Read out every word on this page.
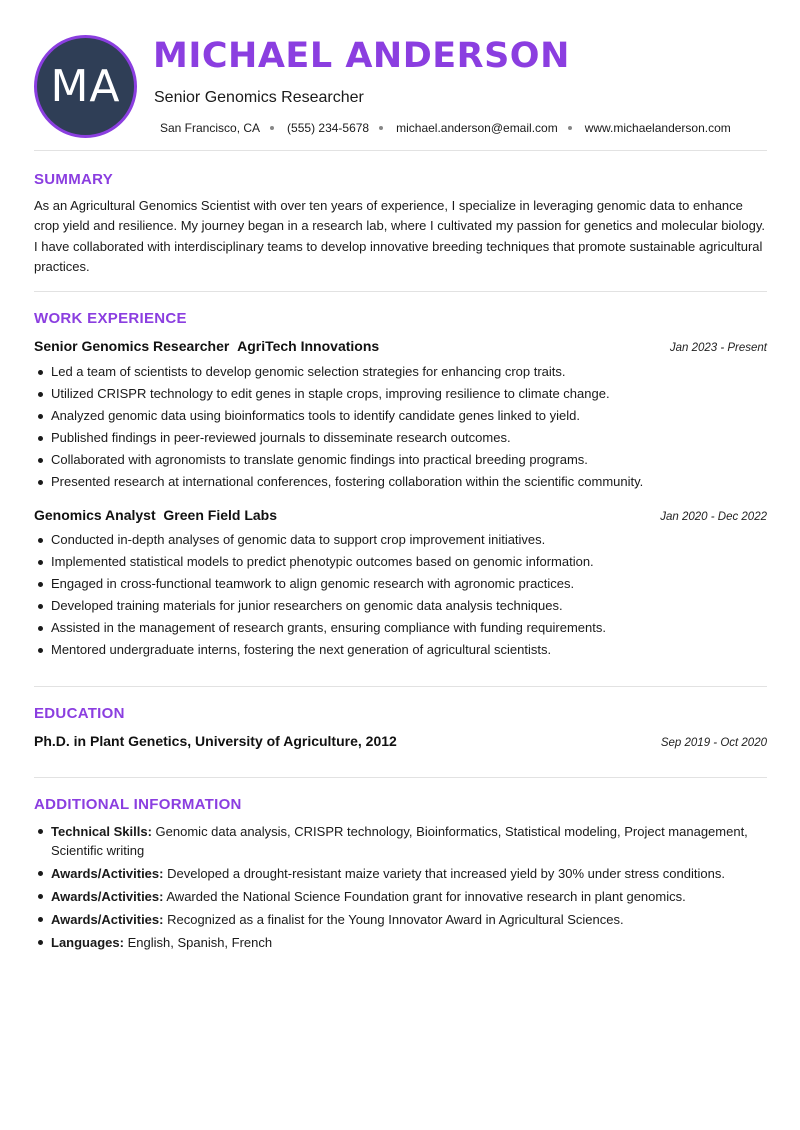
MA
MICHAEL ANDERSON
Senior Genomics Researcher
San Francisco, CA (555) 234-5678 michael.anderson@email.com www.michaelanderson.com
SUMMARY
As an Agricultural Genomics Scientist with over ten years of experience, I specialize in leveraging genomic data to enhance crop yield and resilience. My journey began in a research lab, where I cultivated my passion for genetics and molecular biology. I have collaborated with interdisciplinary teams to develop innovative breeding techniques that promote sustainable agricultural practices.
WORK EXPERIENCE
Senior Genomics Researcher AgriTech Innovations	Jan 2023 - Present
Led a team of scientists to develop genomic selection strategies for enhancing crop traits.
Utilized CRISPR technology to edit genes in staple crops, improving resilience to climate change.
Analyzed genomic data using bioinformatics tools to identify candidate genes linked to yield.
Published findings in peer-reviewed journals to disseminate research outcomes.
Collaborated with agronomists to translate genomic findings into practical breeding programs.
Presented research at international conferences, fostering collaboration within the scientific community.
Genomics Analyst Green Field Labs	Jan 2020 - Dec 2022
Conducted in-depth analyses of genomic data to support crop improvement initiatives.
Implemented statistical models to predict phenotypic outcomes based on genomic information.
Engaged in cross-functional teamwork to align genomic research with agronomic practices.
Developed training materials for junior researchers on genomic data analysis techniques.
Assisted in the management of research grants, ensuring compliance with funding requirements.
Mentored undergraduate interns, fostering the next generation of agricultural scientists.
EDUCATION
Ph.D. in Plant Genetics, University of Agriculture, 2012	Sep 2019 - Oct 2020
ADDITIONAL INFORMATION
Technical Skills: Genomic data analysis, CRISPR technology, Bioinformatics, Statistical modeling, Project management, Scientific writing
Awards/Activities: Developed a drought-resistant maize variety that increased yield by 30% under stress conditions.
Awards/Activities: Awarded the National Science Foundation grant for innovative research in plant genomics.
Awards/Activities: Recognized as a finalist for the Young Innovator Award in Agricultural Sciences.
Languages: English, Spanish, French
